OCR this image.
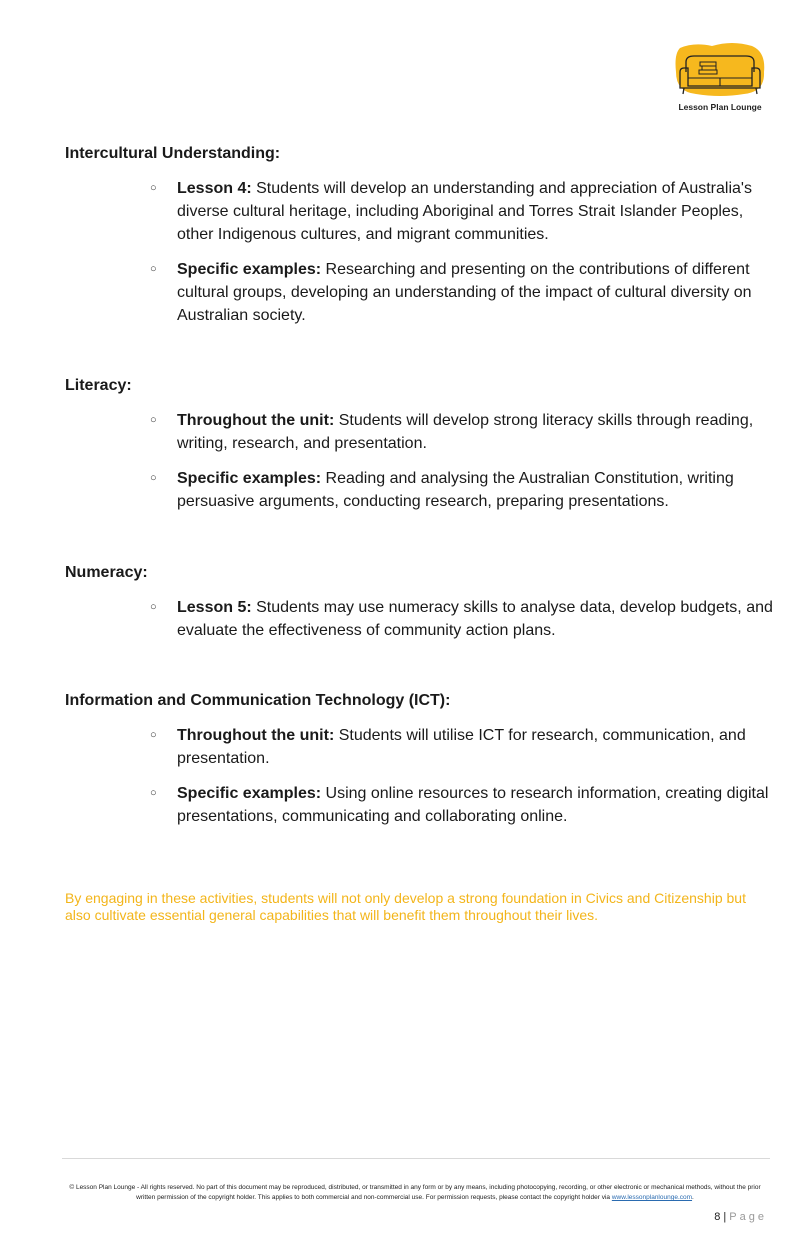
Lesson Plan Lounge
Intercultural Understanding:
○ Lesson 4: Students will develop an understanding and appreciation of Australia's diverse cultural heritage, including Aboriginal and Torres Strait Islander Peoples, other Indigenous cultures, and migrant communities.
○ Specific examples: Researching and presenting on the contributions of different cultural groups, developing an understanding of the impact of cultural diversity on Australian society.
Literacy:
○ Throughout the unit: Students will develop strong literacy skills through reading, writing, research, and presentation.
○ Specific examples: Reading and analysing the Australian Constitution, writing persuasive arguments, conducting research, preparing presentations.
Numeracy:
○ Lesson 5: Students may use numeracy skills to analyse data, develop budgets, and evaluate the effectiveness of community action plans.
Information and Communication Technology (ICT):
○ Throughout the unit: Students will utilise ICT for research, communication, and presentation.
○ Specific examples: Using online resources to research information, creating digital presentations, communicating and collaborating online.

By engaging in these activities, students will not only develop a strong foundation in Civics and Citizenship but also cultivate essential general capabilities that will benefit them throughout their lives.

© Lesson Plan Lounge - All rights reserved. No part of this document may be reproduced, distributed, or transmitted in any form or by any means, including photocopying, recording, or other electronic or mechanical methods, without the prior written permission of the copyright holder. This applies to both commercial and non-commercial use. For permission requests, please contact the copyright holder via www.lessonplanlounge.com.
8 | Page
